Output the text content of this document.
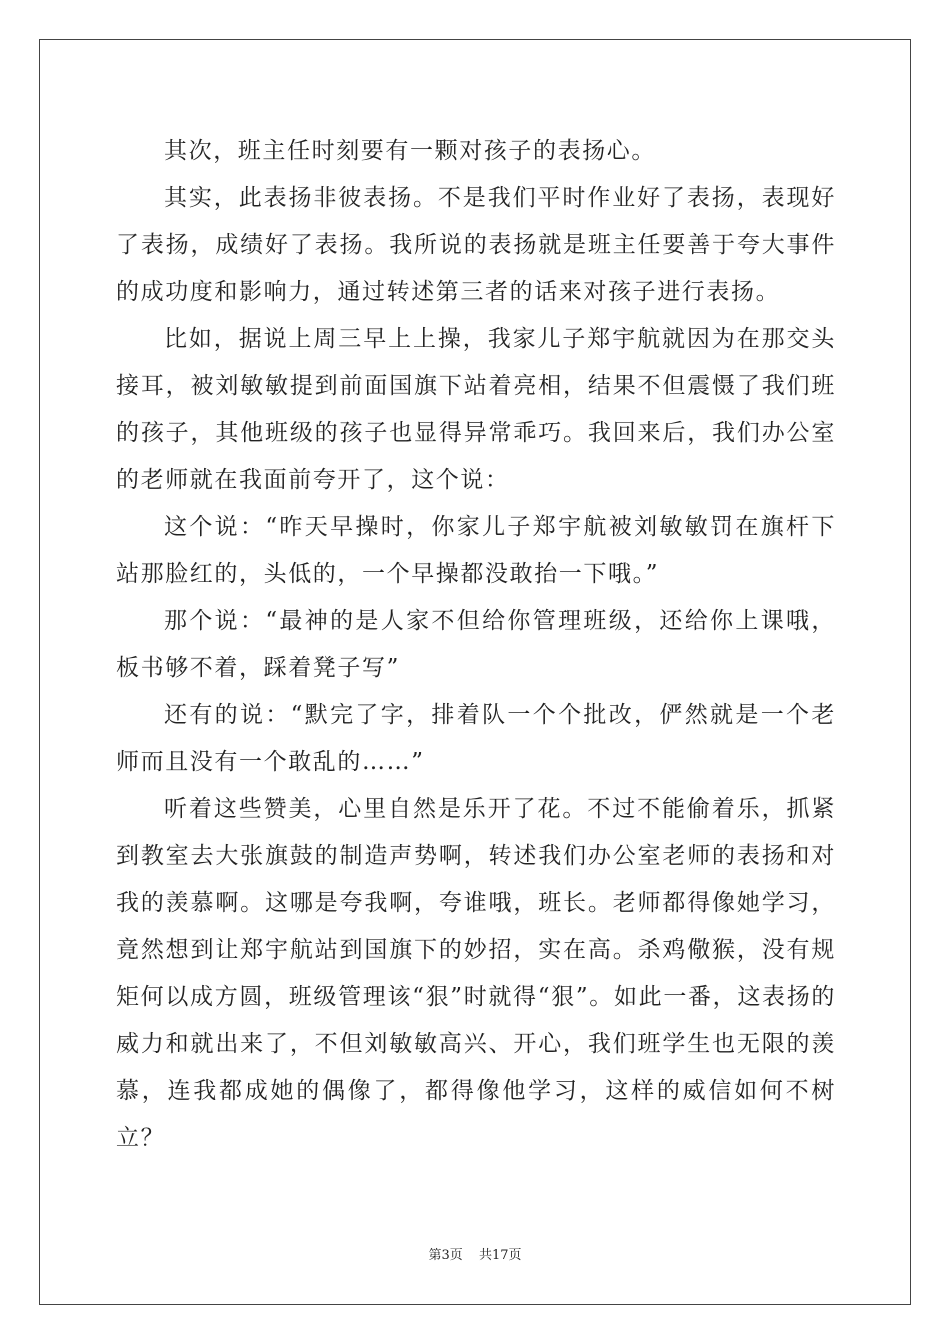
其次，班主任时刻要有一颗对孩子的表扬心。

其实，此表扬非彼表扬。不是我们平时作业好了表扬，表现好了表扬，成绩好了表扬。我所说的表扬就是班主任要善于夸大事件的成功度和影响力，通过转述第三者的话来对孩子进行表扬。

比如，据说上周三早上上操，我家儿子郑宇航就因为在那交头接耳，被刘敏敏提到前面国旗下站着亮相，结果不但震慑了我们班的孩子，其他班级的孩子也显得异常乖巧。我回来后，我们办公室的老师就在我面前夸开了，这个说：

这个说：“昨天早操时，你家儿子郑宇航被刘敏敏罚在旗杆下站那脸红的，头低的，一个早操都没敢抬一下哦。”

那个说：“最神的是人家不但给你管理班级，还给你上课哦，板书够不着，踩着凳子写”

还有的说：“默完了字，排着队一个个批改，俨然就是一个老师而且没有一个敢乱的……”

听着这些赞美，心里自然是乐开了花。不过不能偷着乐，抓紧到教室去大张旗鼓的制造声势啊，转述我们办公室老师的表扬和对我的羡慕啊。这哪是夸我啊，夸谁哦，班长。老师都得像她学习，竟然想到让郑宇航站到国旗下的妙招，实在高。杀鸡儆猴，没有规矩何以成方圆，班级管理该“狠”时就得“狠”。如此一番，这表扬的威力和就出来了，不但刘敏敏高兴、开心，我们班学生也无限的羡慕，连我都成她的偶像了，都得像他学习，这样的威信如何不树立？

第3页 共17页
